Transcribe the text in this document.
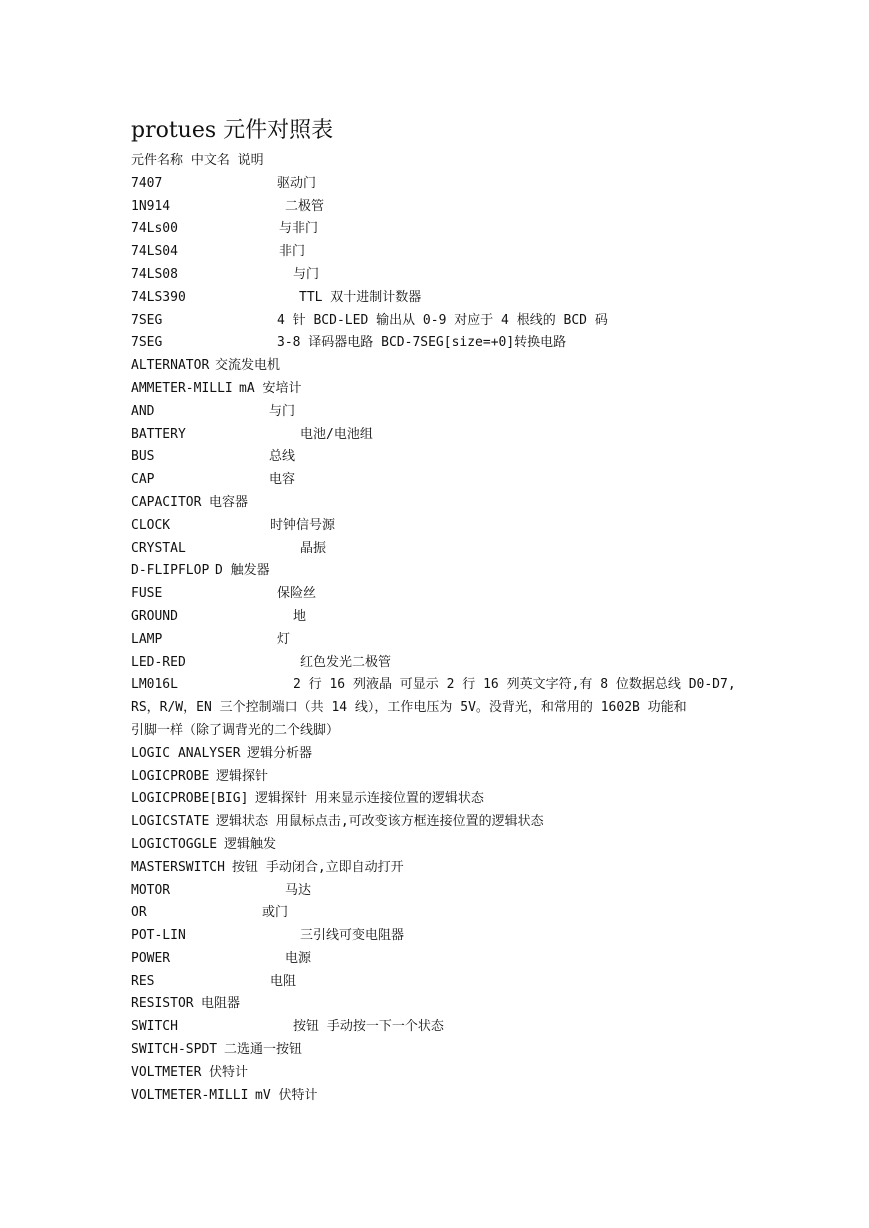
protues 元件对照表
元件名称 中文名 说明
7407	驱动门
1N914	二极管
74Ls00	与非门
74LS04	非门
74LS08	与门
74LS390	TTL 双十进制计数器
7SEG	4 针 BCD-LED 输出从 0-9 对应于 4 根线的 BCD 码
7SEG	3-8 译码器电路 BCD-7SEG[size=+0]转换电路
ALTERNATOR 交流发电机
AMMETER-MILLI mA 安培计
AND	与门
BATTERY	电池/电池组
BUS	总线
CAP	电容
CAPACITOR 电容器
CLOCK	时钟信号源
CRYSTAL	晶振
D-FLIPFLOP D 触发器
FUSE	保险丝
GROUND	地
LAMP	灯
LED-RED	红色发光二极管
LM016L	2 行 16 列液晶 可显示 2 行 16 列英文字符,有 8 位数据总线 D0-D7,
RS，R/W，EN 三个控制端口（共 14 线），工作电压为 5V。没背光，和常用的 1602B 功能和
引脚一样（除了调背光的二个线脚）
LOGIC ANALYSER 逻辑分析器
LOGICPROBE 逻辑探针
LOGICPROBE[BIG] 逻辑探针 用来显示连接位置的逻辑状态
LOGICSTATE 逻辑状态 用鼠标点击,可改变该方框连接位置的逻辑状态
LOGICTOGGLE 逻辑触发
MASTERSWITCH 按钮 手动闭合,立即自动打开
MOTOR	马达
OR	或门
POT-LIN	三引线可变电阻器
POWER	电源
RES	电阻
RESISTOR 电阻器
SWITCH	按钮 手动按一下一个状态
SWITCH-SPDT 二选通一按钮
VOLTMETER 伏特计
VOLTMETER-MILLI mV 伏特计
